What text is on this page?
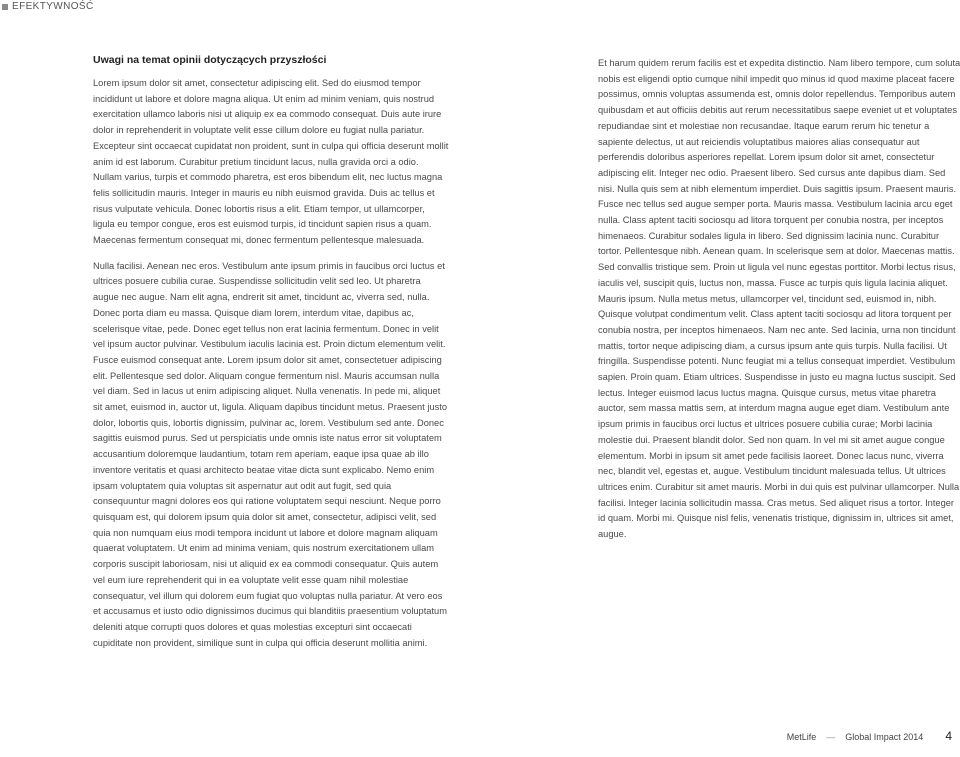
EFEKTYWNOŚĆ
Uwagi na temat opinii dotyczących przyszłości

Lorem ipsum dolor sit amet, consectetur adipiscing elit. Sed do eiusmod tempor incididunt ut labore et dolore magna aliqua. Ut enim ad minim veniam, quis nostrud exercitation ullamco laboris nisi ut aliquip ex ea commodo consequat. Duis aute irure dolor in reprehenderit in voluptate velit esse cillum dolore eu fugiat nulla pariatur. Excepteur sint occaecat cupidatat non proident, sunt in culpa qui officia deserunt mollit anim id est laborum. Curabitur pretium tincidunt lacus, nulla gravida orci a odio. Nullam varius, turpis et commodo pharetra, est eros bibendum elit, nec luctus magna felis sollicitudin mauris. Integer in mauris eu nibh euismod gravida. Duis ac tellus et risus vulputate vehicula. Donec lobortis risus a elit. Etiam tempor, ut ullamcorper, ligula eu tempor congue, eros est euismod turpis, id tincidunt sapien risus a quam. Maecenas fermentum consequat mi, donec fermentum pellentesque malesuada.

Nulla facilisi. Aenean nec eros. Vestibulum ante ipsum primis in faucibus orci luctus et ultrices posuere cubilia curae. Suspendisse sollicitudin velit sed leo. Ut pharetra augue nec augue. Nam elit agna, endrerit sit amet, tincidunt ac, viverra sed, nulla. Donec porta diam eu massa. Quisque diam lorem, interdum vitae, dapibus ac, scelerisque vitae, pede. Donec eget tellus non erat lacinia fermentum. Donec in velit vel ipsum auctor pulvinar. Vestibulum iaculis lacinia est. Proin dictum elementum velit. Fusce euismod consequat ante. Lorem ipsum dolor sit amet, consectetuer adipiscing elit. Pellentesque sed dolor. Aliquam congue fermentum nisl. Mauris accumsan nulla vel diam. Sed in lacus ut enim adipiscing aliquet. Nulla venenatis. In pede mi, aliquet sit amet, euismod in, auctor ut, ligula. Aliquam dapibus tincidunt metus. Praesent justo dolor, lobortis quis, lobortis dignissim, pulvinar ac, lorem. Vestibulum sed ante. Donec sagittis euismod purus. Sed ut perspiciatis unde omnis iste natus error sit voluptatem accusantium doloremque laudantium, totam rem aperiam, eaque ipsa quae ab illo inventore veritatis et quasi architecto beatae vitae dicta sunt explicabo. Nemo enim ipsam voluptatem quia voluptas sit aspernatur aut odit aut fugit, sed quia consequuntur magni dolores eos qui ratione voluptatem sequi nesciunt. Neque porro quisquam est, qui dolorem ipsum quia dolor sit amet, consectetur, adipisci velit, sed quia non numquam eius modi tempora incidunt ut labore et dolore magnam aliquam quaerat voluptatem. Ut enim ad minima veniam, quis nostrum exercitationem ullam corporis suscipit laboriosam, nisi ut aliquid ex ea commodi consequatur. Quis autem vel eum iure reprehenderit qui in ea voluptate velit esse quam nihil molestiae consequatur, vel illum qui dolorem eum fugiat quo voluptas nulla pariatur. At vero eos et accusamus et iusto odio dignissimos ducimus qui blanditiis praesentium voluptatum deleniti atque corrupti quos dolores et quas molestias excepturi sint occaecati cupiditate non provident, similique sunt in culpa qui officia deserunt mollitia animi.

Et harum quidem rerum facilis est et expedita distinctio. Nam libero tempore, cum soluta nobis est eligendi optio cumque nihil impedit quo minus id quod maxime placeat facere possimus, omnis voluptas assumenda est, omnis dolor repellendus. Temporibus autem quibusdam et aut officiis debitis aut rerum necessitatibus saepe eveniet ut et voluptates repudiandae sint et molestiae non recusandae. Itaque earum rerum hic tenetur a sapiente delectus, ut aut reiciendis voluptatibus maiores alias consequatur aut perferendis doloribus asperiores repellat. Lorem ipsum dolor sit amet, consectetur adipiscing elit. Integer nec odio. Praesent libero. Sed cursus ante dapibus diam. Sed nisi. Nulla quis sem at nibh elementum imperdiet. Duis sagittis ipsum. Praesent mauris. Fusce nec tellus sed augue semper porta. Mauris massa. Vestibulum lacinia arcu eget nulla. Class aptent taciti sociosqu ad litora torquent per conubia nostra, per inceptos himenaeos. Curabitur sodales ligula in libero. Sed dignissim lacinia nunc. Curabitur tortor. Pellentesque nibh. Aenean quam. In scelerisque sem at dolor. Maecenas mattis. Sed convallis tristique sem. Proin ut ligula vel nunc egestas porttitor. Morbi lectus risus, iaculis vel, suscipit quis, luctus non, massa. Fusce ac turpis quis ligula lacinia aliquet. Mauris ipsum. Nulla metus metus, ullamcorper vel, tincidunt sed, euismod in, nibh. Quisque volutpat condimentum velit. Class aptent taciti sociosqu ad litora torquent per conubia nostra, per inceptos himenaeos. Nam nec ante. Sed lacinia, urna non tincidunt mattis, tortor neque adipiscing diam, a cursus ipsum ante quis turpis. Nulla facilisi. Ut fringilla. Suspendisse potenti. Nunc feugiat mi a tellus consequat imperdiet. Vestibulum sapien. Proin quam. Etiam ultrices. Suspendisse in justo eu magna luctus suscipit. Sed lectus. Integer euismod lacus luctus magna. Quisque cursus, metus vitae pharetra auctor, sem massa mattis sem, at interdum magna augue eget diam. Vestibulum ante ipsum primis in faucibus orci luctus et ultrices posuere cubilia curae; Morbi lacinia molestie dui. Praesent blandit dolor. Sed non quam. In vel mi sit amet augue congue elementum. Morbi in ipsum sit amet pede facilisis laoreet. Donec lacus nunc, viverra nec, blandit vel, egestas et, augue. Vestibulum tincidunt malesuada tellus. Ut ultrices ultrices enim. Curabitur sit amet mauris. Morbi in dui quis est pulvinar ullamcorper. Nulla facilisi. Integer lacinia sollicitudin massa. Cras metus. Sed aliquet risus a tortor. Integer id quam. Morbi mi. Quisque nisl felis, venenatis tristique, dignissim in, ultrices sit amet, augue.

MetLife — Global Impact 2014 4
